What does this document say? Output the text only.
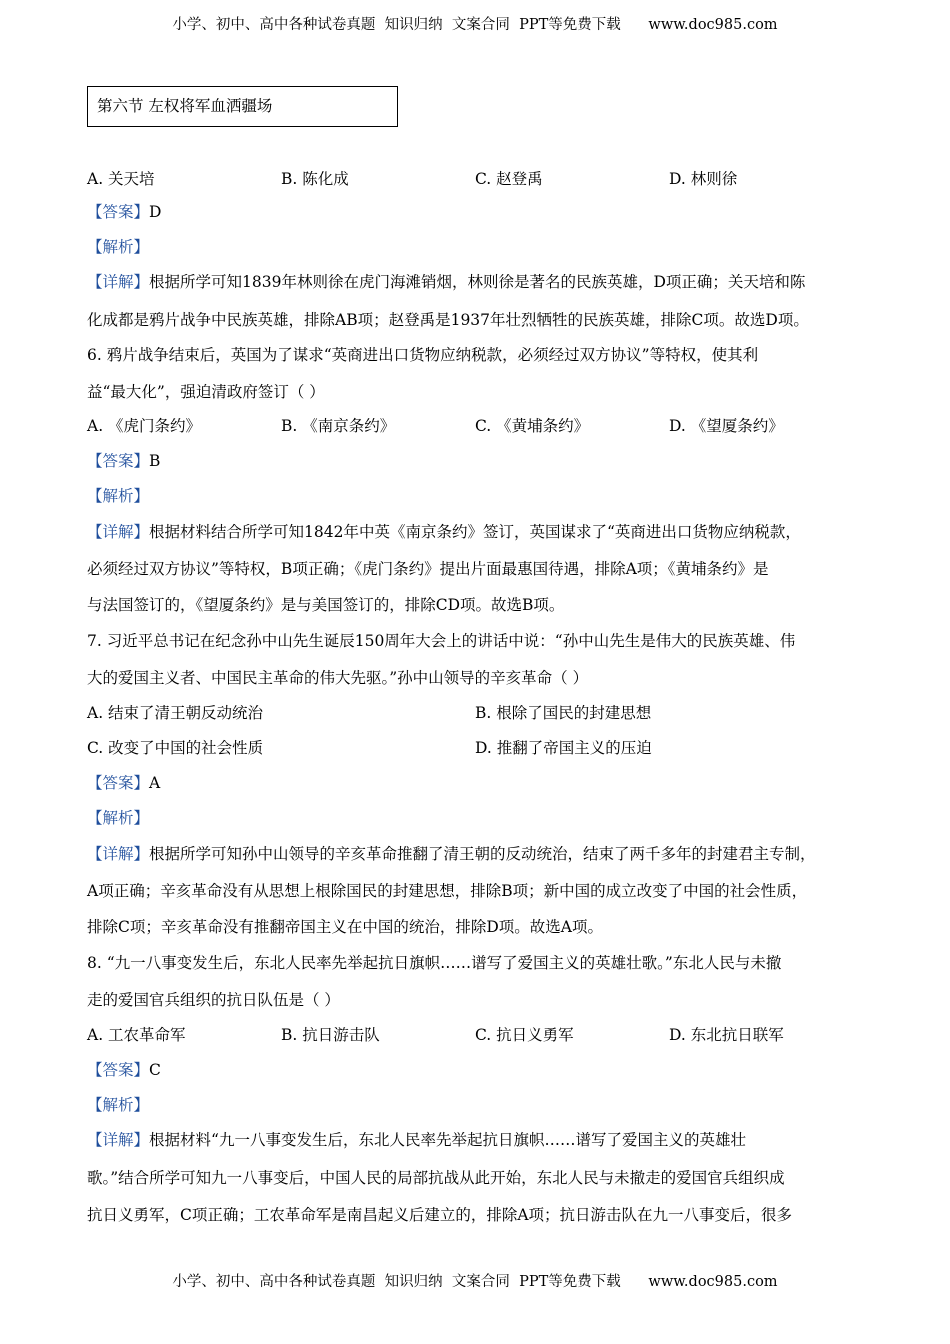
小学、初中、高中各种试卷真题  知识归纳  文案合同  PPT等免费下载      www.doc985.com
第六节 左权将军血洒疆场
A. 关天培	B. 陈化成	C. 赵登禹	D. 林则徐
【答案】D
【解析】
【详解】根据所学可知1839年林则徐在虎门海滩销烟，林则徐是著名的民族英雄，D项正确；关天培和陈
化成都是鸦片战争中民族英雄，排除AB项；赵登禹是1937年壮烈牺牲的民族英雄，排除C项。故选D项。
6. 鸦片战争结束后，英国为了谋求“英商进出口货物应纳税款，必须经过双方协议”等特权，使其利
益“最大化”，强迫清政府签订（ ）
A. 《虎门条约》	B. 《南京条约》	C. 《黄埔条约》	D. 《望厦条约》
【答案】B
【解析】
【详解】根据材料结合所学可知1842年中英《南京条约》签订，英国谋求了“英商进出口货物应纳税款，
必须经过双方协议”等特权，B项正确；《虎门条约》提出片面最惠国待遇，排除A项；《黄埔条约》是
与法国签订的，《望厦条约》是与美国签订的，排除CD项。故选B项。
7. 习近平总书记在纪念孙中山先生诞辰150周年大会上的讲话中说：“孙中山先生是伟大的民族英雄、伟
大的爱国主义者、中国民主革命的伟大先驱。”孙中山领导的辛亥革命（ ）
A. 结束了清王朝反动统治	B. 根除了国民的封建思想
C. 改变了中国的社会性质	D. 推翻了帝国主义的压迫
【答案】A
【解析】
【详解】根据所学可知孙中山领导的辛亥革命推翻了清王朝的反动统治，结束了两千多年的封建君主专制，
A项正确；辛亥革命没有从思想上根除国民的封建思想，排除B项；新中国的成立改变了中国的社会性质，
排除C项；辛亥革命没有推翻帝国主义在中国的统治，排除D项。故选A项。
8. “九一八事变发生后，东北人民率先举起抗日旗帜……谱写了爱国主义的英雄壮歌。”东北人民与未撤
走的爱国官兵组织的抗日队伍是（ ）
A. 工农革命军	B. 抗日游击队	C. 抗日义勇军	D. 东北抗日联军
【答案】C
【解析】
【详解】根据材料“九一八事变发生后，东北人民率先举起抗日旗帜……谱写了爱国主义的英雄壮
歌。”结合所学可知九一八事变后，中国人民的局部抗战从此开始，东北人民与未撤走的爱国官兵组织成
抗日义勇军，C项正确；工农革命军是南昌起义后建立的，排除A项；抗日游击队在九一八事变后，很多
小学、初中、高中各种试卷真题  知识归纳  文案合同  PPT等免费下载      www.doc985.com
